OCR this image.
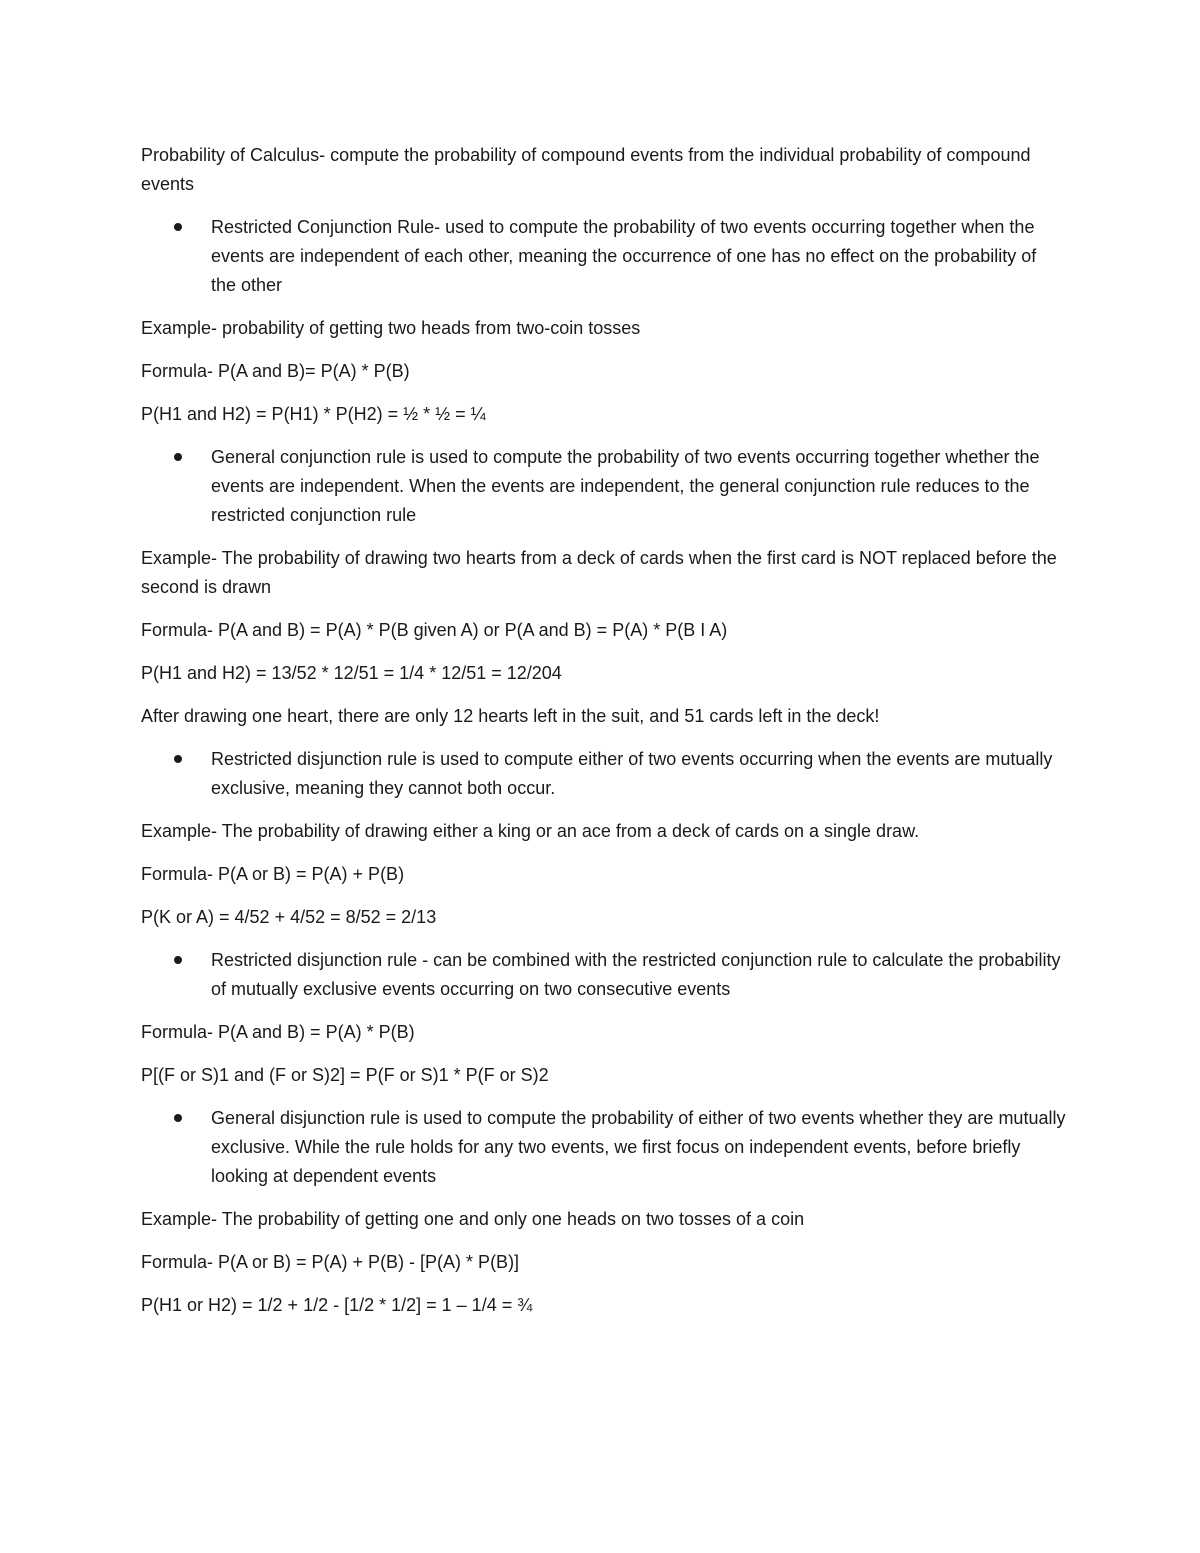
Probability of Calculus- compute the probability of compound events from the individual probability of compound events

Restricted Conjunction Rule- used to compute the probability of two events occurring together when the events are independent of each other, meaning the occurrence of one has no effect on the probability of the other

Example- probability of getting two heads from two-coin tosses

Formula- P(A and B)= P(A) * P(B)

P(H1 and H2) = P(H1) * P(H2) = ½ * ½ = ¼

General conjunction rule is used to compute the probability of two events occurring together whether the events are independent. When the events are independent, the general conjunction rule reduces to the restricted conjunction rule

Example- The probability of drawing two hearts from a deck of cards when the first card is NOT replaced before the second is drawn

Formula- P(A and B) = P(A) * P(B given A) or P(A and B) = P(A) * P(B I A)

P(H1 and H2) = 13/52 * 12/51 = 1/4 * 12/51 = 12/204

After drawing one heart, there are only 12 hearts left in the suit, and 51 cards left in the deck!

Restricted disjunction rule is used to compute either of two events occurring when the events are mutually exclusive, meaning they cannot both occur.

Example- The probability of drawing either a king or an ace from a deck of cards on a single draw.

Formula- P(A or B) = P(A) + P(B)

P(K or A) = 4/52 + 4/52 = 8/52 = 2/13

Restricted disjunction rule - can be combined with the restricted conjunction rule to calculate the probability of mutually exclusive events occurring on two consecutive events

Formula- P(A and B) = P(A) * P(B)

P[(F or S)1 and (F or S)2] = P(F or S)1 * P(F or S)2

General disjunction rule is used to compute the probability of either of two events whether they are mutually exclusive. While the rule holds for any two events, we first focus on independent events, before briefly looking at dependent events

Example- The probability of getting one and only one heads on two tosses of a coin

Formula- P(A or B) = P(A) + P(B) - [P(A) * P(B)]

P(H1 or H2) = 1/2 + 1/2 - [1/2 * 1/2] = 1 – 1/4 = ¾
